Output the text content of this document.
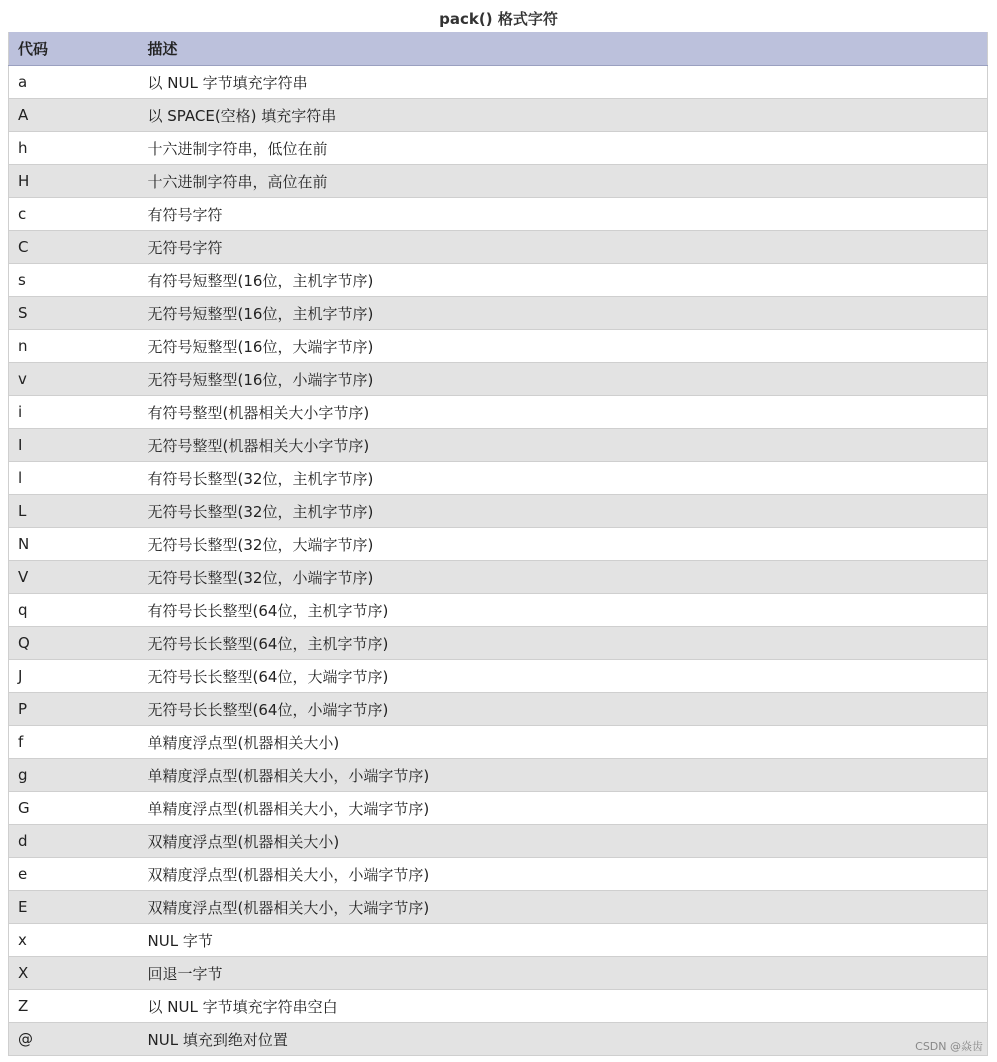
pack() 格式字符
代码	描述
a	以 NUL 字节填充字符串
A	以 SPACE(空格) 填充字符串
h	十六进制字符串，低位在前
H	十六进制字符串，高位在前
c	有符号字符
C	无符号字符
s	有符号短整型(16位，主机字节序)
S	无符号短整型(16位，主机字节序)
n	无符号短整型(16位，大端字节序)
v	无符号短整型(16位，小端字节序)
i	有符号整型(机器相关大小字节序)
I	无符号整型(机器相关大小字节序)
l	有符号长整型(32位，主机字节序)
L	无符号长整型(32位，主机字节序)
N	无符号长整型(32位，大端字节序)
V	无符号长整型(32位，小端字节序)
q	有符号长长整型(64位，主机字节序)
Q	无符号长长整型(64位，主机字节序)
J	无符号长长整型(64位，大端字节序)
P	无符号长长整型(64位，小端字节序)
f	单精度浮点型(机器相关大小)
g	单精度浮点型(机器相关大小，小端字节序)
G	单精度浮点型(机器相关大小，大端字节序)
d	双精度浮点型(机器相关大小)
e	双精度浮点型(机器相关大小，小端字节序)
E	双精度浮点型(机器相关大小，大端字节序)
x	NUL 字节
X	回退一字节
Z	以 NUL 字节填充字符串空白
@	NUL 填充到绝对位置	CSDN @焱齿
